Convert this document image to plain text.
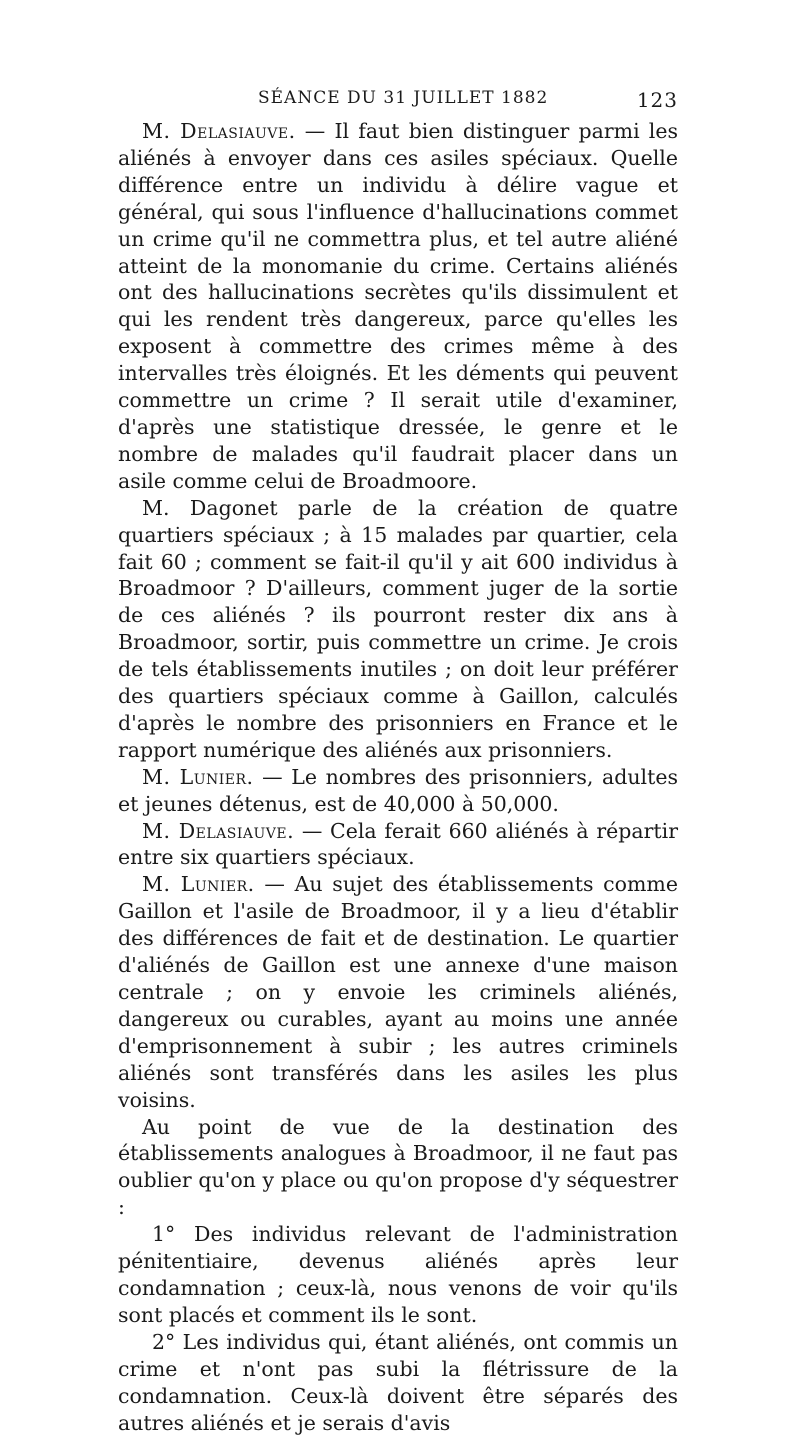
SÉANCE DU 31 JUILLET 1882	123

M. Delasiauve. — Il faut bien distinguer parmi les aliénés à envoyer dans ces asiles spéciaux. Quelle différence entre un individu à délire vague et général, qui sous l'influence d'hallucinations commet un crime qu'il ne commettra plus, et tel autre aliéné atteint de la monomanie du crime. Certains aliénés ont des hallucinations secrètes qu'ils dissimulent et qui les rendent très dangereux, parce qu'elles les exposent à commettre des crimes même à des intervalles très éloignés. Et les déments qui peuvent commettre un crime ? Il serait utile d'examiner, d'après une statistique dressée, le genre et le nombre de malades qu'il faudrait placer dans un asile comme celui de Broadmoore.

M. Dagonet parle de la création de quatre quartiers spéciaux ; à 15 malades par quartier, cela fait 60 ; comment se fait-il qu'il y ait 600 individus à Broadmoor ? D'ailleurs, comment juger de la sortie de ces aliénés ? ils pourront rester dix ans à Broadmoor, sortir, puis commettre un crime. Je crois de tels établissements inutiles ; on doit leur préférer des quartiers spéciaux comme à Gaillon, calculés d'après le nombre des prisonniers en France et le rapport numérique des aliénés aux prisonniers.

M. Lunier. — Le nombres des prisonniers, adultes et jeunes détenus, est de 40,000 à 50,000.

M. Delasiauve. — Cela ferait 660 aliénés à répartir entre six quartiers spéciaux.

M. Lunier. — Au sujet des établissements comme Gaillon et l'asile de Broadmoor, il y a lieu d'établir des différences de fait et de destination. Le quartier d'aliénés de Gaillon est une annexe d'une maison centrale ; on y envoie les criminels aliénés, dangereux ou curables, ayant au moins une année d'emprisonnement à subir ; les autres criminels aliénés sont transférés dans les asiles les plus voisins.

Au point de vue de la destination des établissements analogues à Broadmoor, il ne faut pas oublier qu'on y place ou qu'on propose d'y séquestrer :

1° Des individus relevant de l'administration pénitentiaire, devenus aliénés après leur condamnation ; ceux-là, nous venons de voir qu'ils sont placés et comment ils le sont.

2° Les individus qui, étant aliénés, ont commis un crime et n'ont pas subi la flétrissure de la condamnation. Ceux-là doivent être séparés des autres aliénés et je serais d'avis
